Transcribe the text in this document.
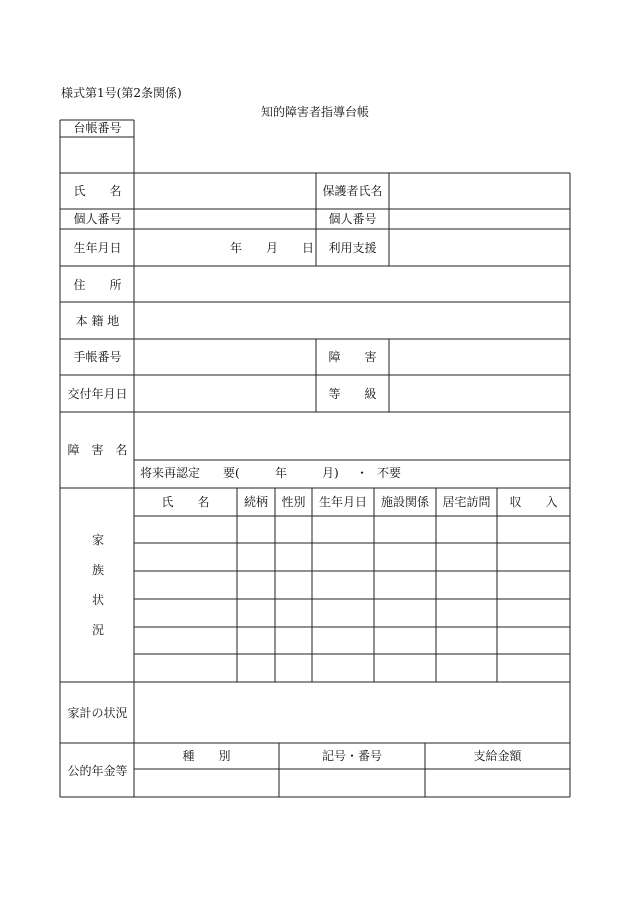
様式第1号(第2条関係)
知的障害者指導台帳
台帳番号
氏　　名	保護者氏名
個人番号	個人番号
生年月日	年 月 日	利用支援
住　　所
本 籍 地
手帳番号	障　　害
交付年月日	等　　級
障　害　名
将来再認定 要(	年	月) ・ 不要
家
族
状
況
氏　　名	続柄	性別	生年月日	施設関係	居宅訪問	収　　入
家計の状況
公的年金等
種　　別	記号・番号	支給金額
